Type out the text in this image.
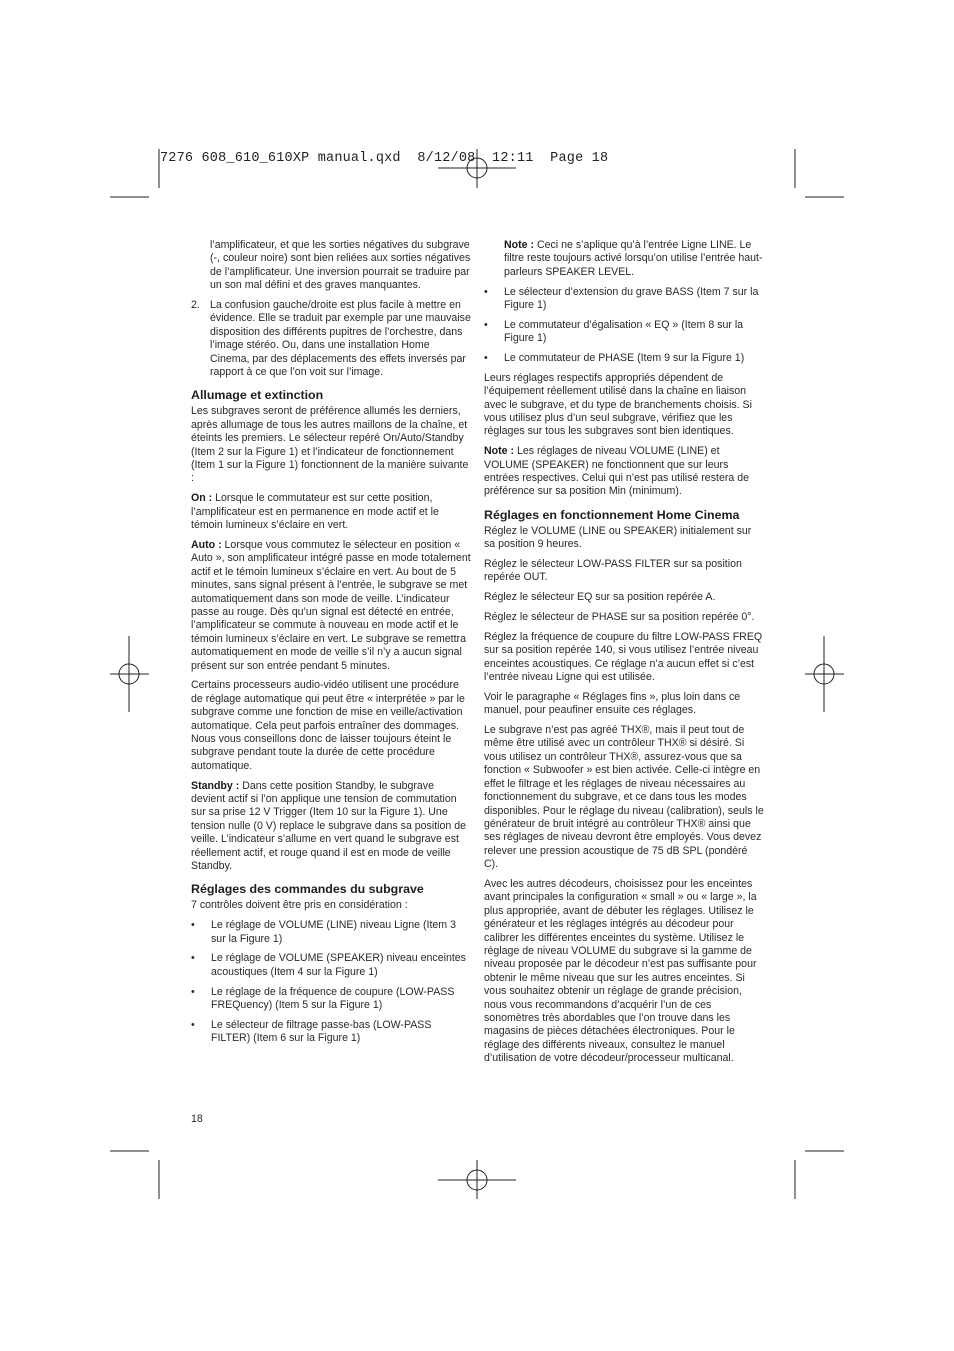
7276 608_610_610XP manual.qxd  8/12/08  12:11  Page 18

l’amplificateur, et que les sorties négatives du subgrave (-, couleur noire) sont bien reliées aux sorties négatives de l’amplificateur. Une inversion pourrait se traduire par un son mal défini et des graves manquantes.

2. La confusion gauche/droite est plus facile à mettre en évidence. Elle se traduit par exemple par une mauvaise disposition des différents pupitres de l’orchestre, dans l’image stéréo. Ou, dans une installation Home Cinema, par des déplacements des effets inversés par rapport à ce que l’on voit sur l’image.
Allumage et extinction

Les subgraves seront de préférence allumés les derniers, après allumage de tous les autres maillons de la chaîne, et éteints les premiers. Le sélecteur repéré On/Auto/Standby (Item 2 sur la Figure 1) et l’indicateur de fonctionnement (Item 1 sur la Figure 1) fonctionnent de la manière suivante :

On : Lorsque le commutateur est sur cette position, l’amplificateur est en permanence en mode actif et le témoin lumineux s’éclaire en vert.

Auto : Lorsque vous commutez le sélecteur en position « Auto », son amplificateur intégré passe en mode totalement actif et le témoin lumineux s’éclaire en vert. Au bout de 5 minutes, sans signal présent à l’entrée, le subgrave se met automatiquement dans son mode de veille. L’indicateur passe au rouge. Dès qu’un signal est détecté en entrée, l’amplificateur se commute à nouveau en mode actif et le témoin lumineux s’éclaire en vert. Le subgrave se remettra automatiquement en mode de veille s’il n’y a aucun signal présent sur son entrée pendant 5 minutes.

Certains processeurs audio-vidéo utilisent une procédure de réglage automatique qui peut être « interprétée » par le subgrave comme une fonction de mise en veille/activation automatique. Cela peut parfois entraîner des dommages. Nous vous conseillons donc de laisser toujours éteint le subgrave pendant toute la durée de cette procédure automatique.

Standby : Dans cette position Standby, le subgrave devient actif si l’on applique une tension de commutation sur sa prise 12 V Trigger (Item 10 sur la Figure 1). Une tension nulle (0 V) replace le subgrave dans sa position de veille. L’indicateur s’allume en vert quand le subgrave est réellement actif, et rouge quand il est en mode de veille Standby.

Réglages des commandes du subgrave

7 contrôles doivent être pris en considération :

•	Le réglage de VOLUME (LINE) niveau Ligne (Item 3 sur la Figure 1)
•	Le réglage de VOLUME (SPEAKER) niveau enceintes acoustiques (Item 4 sur la Figure 1)
•	Le réglage de la fréquence de coupure (LOW-PASS FREQuency) (Item 5 sur la Figure 1)
•	Le sélecteur de filtrage passe-bas (LOW-PASS FILTER) (Item 6 sur la Figure 1)

Note : Ceci ne s’aplique qu’à l’entrée Ligne LINE. Le filtre reste toujours activé lorsqu’on utilise l’entrée haut-parleurs SPEAKER LEVEL.

•	Le sélecteur d’extension du grave BASS (Item 7 sur la Figure 1)
•	Le commutateur d’égalisation « EQ » (Item 8 sur la Figure 1)
•	Le commutateur de PHASE (Item 9 sur la Figure 1)

Leurs réglages respectifs appropriés dépendent de l’équipement réellement utilisé dans la chaîne en liaison avec le subgrave, et du type de branchements choisis. Si vous utilisez plus d’un seul subgrave, vérifiez que les réglages sur tous les subgraves sont bien identiques.

Note : Les réglages de niveau VOLUME (LINE) et VOLUME (SPEAKER) ne fonctionnent que sur leurs entrées respectives. Celui qui n’est pas utilisé restera de préférence sur sa position Min (minimum).

Réglages en fonctionnement Home Cinema

Réglez le VOLUME (LINE ou SPEAKER) initialement sur sa position 9 heures.

Réglez le sélecteur LOW-PASS FILTER sur sa position repérée OUT.

Réglez le sélecteur EQ sur sa position repérée A.

Réglez le sélecteur de PHASE sur sa position repérée 0°.

Réglez la fréquence de coupure du filtre LOW-PASS FREQ sur sa position repérée 140, si vous utilisez l’entrée niveau enceintes acoustiques. Ce réglage n’a aucun effet si c’est l’entrée niveau Ligne qui est utilisée.

Voir le paragraphe « Réglages fins », plus loin dans ce manuel, pour peaufiner ensuite ces réglages.

Le subgrave n’est pas agréé THX®, mais il peut tout de même être utilisé avec un contrôleur THX® si désiré. Si vous utilisez un contrôleur THX®, assurez-vous que sa fonction « Subwoofer » est bien activée. Celle-ci intègre en effet le filtrage et les réglages de niveau nécessaires au fonctionnement du subgrave, et ce dans tous les modes disponibles. Pour le réglage du niveau (calibration), seuls le générateur de bruit intégré au contrôleur THX® ainsi que ses réglages de niveau devront être employés. Vous devez relever une pression acoustique de 75 dB SPL (pondéré C).

Avec les autres décodeurs, choisissez pour les enceintes avant principales la configuration « small » ou « large », la plus appropriée, avant de débuter les réglages. Utilisez le générateur et les réglages intégrés au décodeur pour calibrer les différentes enceintes du système. Utilisez le réglage de niveau VOLUME du subgrave si la gamme de niveau proposée par le décodeur n’est pas suffisante pour obtenir le même niveau que sur les autres enceintes. Si vous souhaitez obtenir un réglage de grande précision, nous vous recommandons d’acquérir l’un de ces sonomètres très abordables que l’on trouve dans les magasins de pièces détachées électroniques. Pour le réglage des différents niveaux, consultez le manuel d’utilisation de votre décodeur/processeur multicanal.

18
